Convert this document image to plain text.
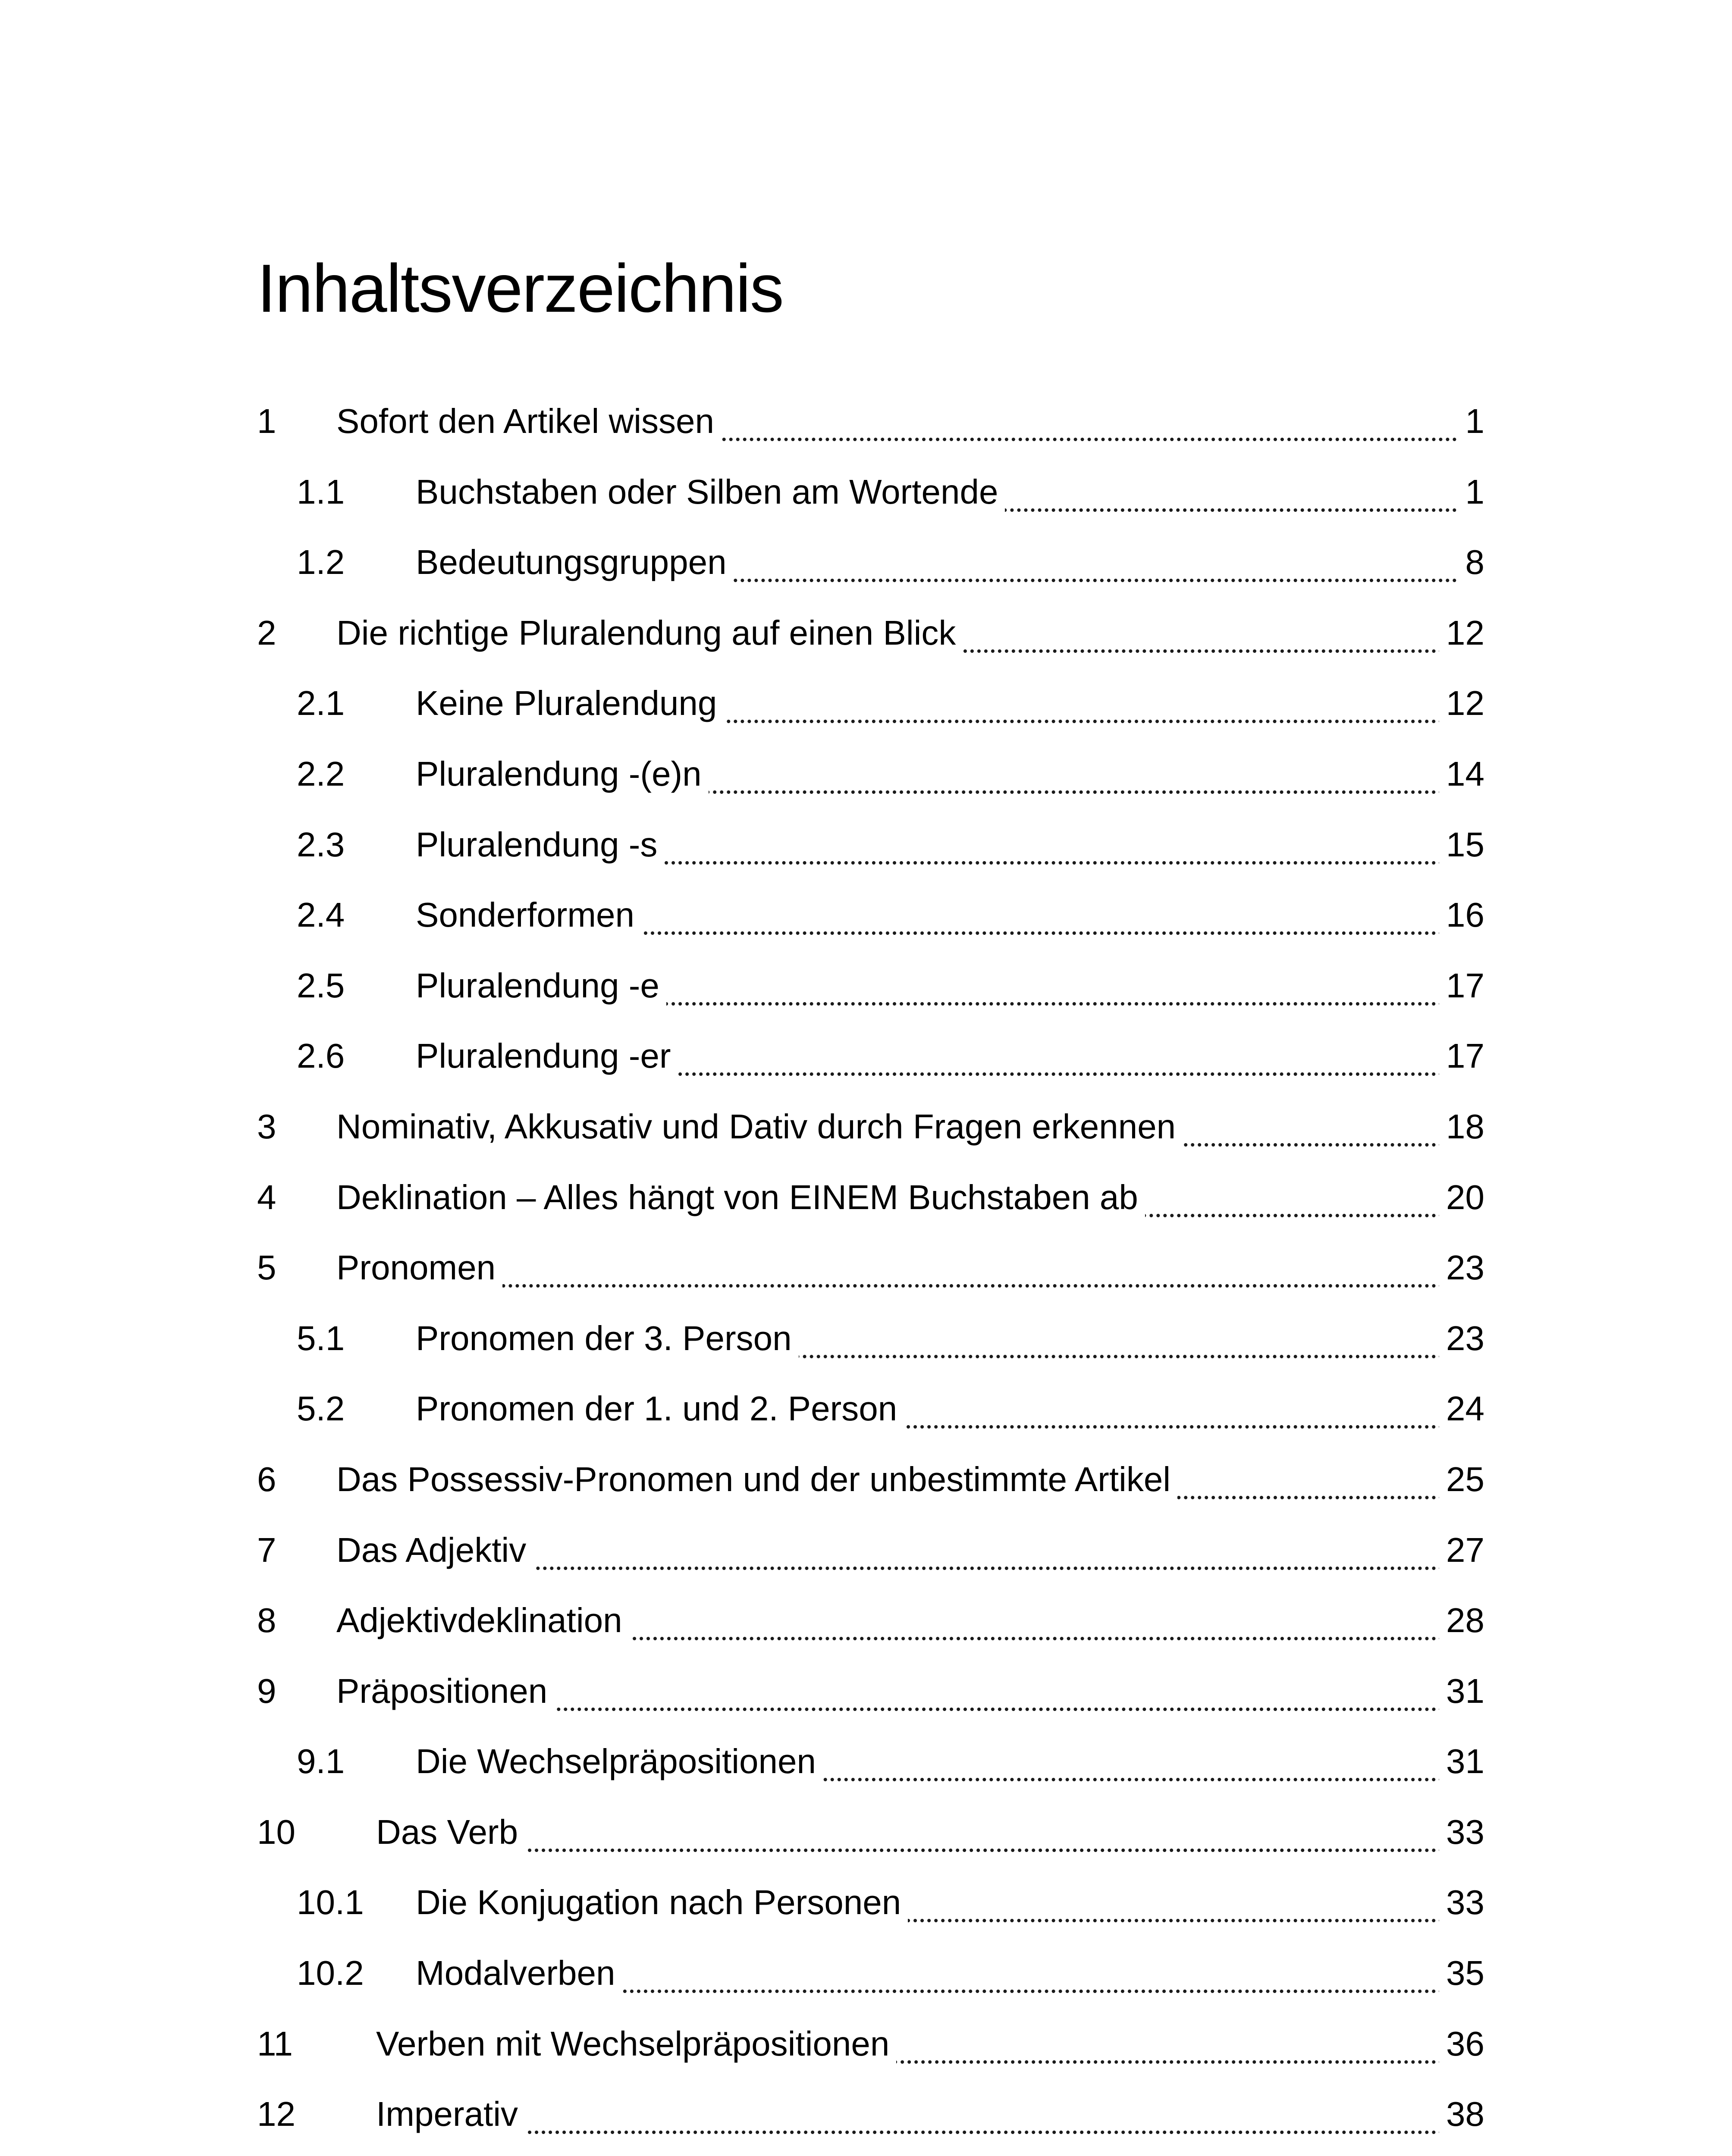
Inhaltsverzeichnis
1 Sofort den Artikel wissen	1
1.1 Buchstaben oder Silben am Wortende	1
1.2 Bedeutungsgruppen	8
2 Die richtige Pluralendung auf einen Blick	12
2.1 Keine Pluralendung	12
2.2 Pluralendung -(e)n	14
2.3 Pluralendung -s	15
2.4 Sonderformen	16
2.5 Pluralendung -e	17
2.6 Pluralendung -er	17
3 Nominativ, Akkusativ und Dativ durch Fragen erkennen	18
4 Deklination – Alles hängt von EINEM Buchstaben ab	20
5 Pronomen	23
5.1 Pronomen der 3. Person	23
5.2 Pronomen der 1. und 2. Person	24
6 Das Possessiv-Pronomen und der unbestimmte Artikel	25
7 Das Adjektiv	27
8 Adjektivdeklination	28
9 Präpositionen	31
9.1 Die Wechselpräpositionen	31
10 Das Verb	33
10.1 Die Konjugation nach Personen	33
10.2 Modalverben	35
11 Verben mit Wechselpräpositionen	36
12 Imperativ	38
